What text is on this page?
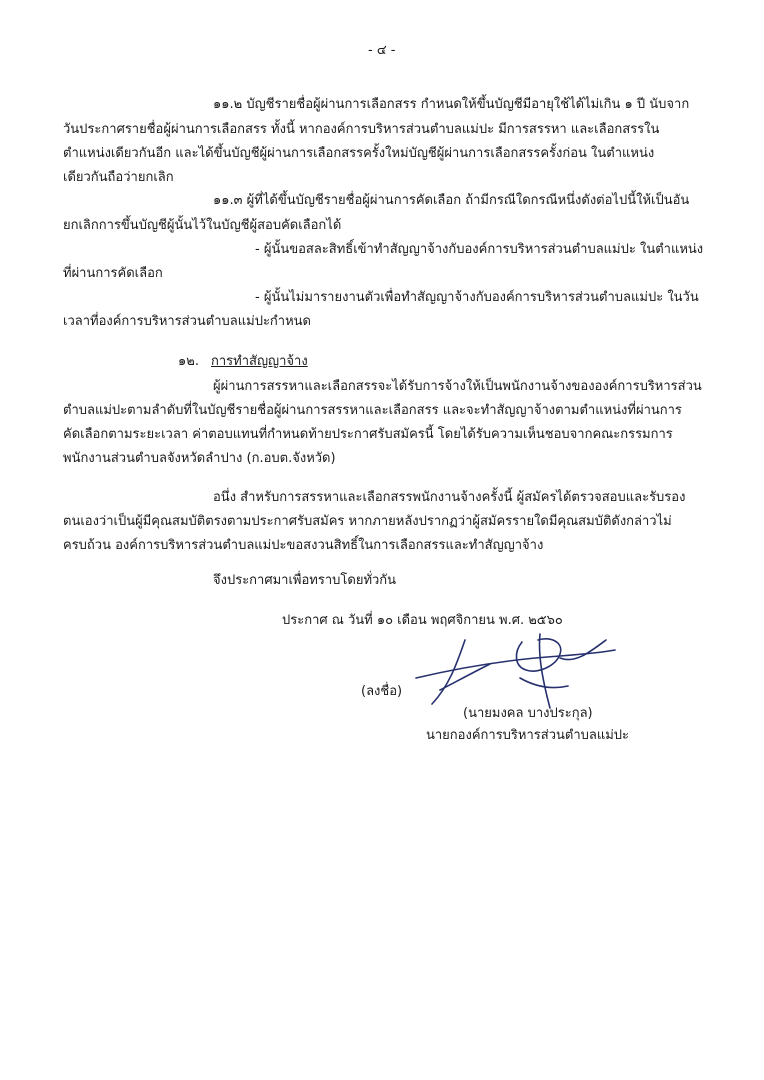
- ๔ -
๑๑.๒ บัญชีรายชื่อผู้ผ่านการเลือกสรร กำหนดให้ขึ้นบัญชีมีอายุใช้ได้ไม่เกิน ๑ ปี นับจาก
วันประกาศรายชื่อผู้ผ่านการเลือกสรร ทั้งนี้ หากองค์การบริหารส่วนตำบลแม่ปะ มีการสรรหา และเลือกสรรใน
ตำแหน่งเดียวกันอีก และได้ขึ้นบัญชีผู้ผ่านการเลือกสรรครั้งใหม่บัญชีผู้ผ่านการเลือกสรรครั้งก่อน ในตำแหน่ง
เดียวกันถือว่ายกเลิก
๑๑.๓ ผู้ที่ได้ขึ้นบัญชีรายชื่อผู้ผ่านการคัดเลือก ถ้ามีกรณีใดกรณีหนึ่งดังต่อไปนี้ให้เป็นอัน
ยกเลิกการขึ้นบัญชีผู้นั้นไว้ในบัญชีผู้สอบคัดเลือกได้
- ผู้นั้นขอสละสิทธิ์เข้าทำสัญญาจ้างกับองค์การบริหารส่วนตำบลแม่ปะ ในตำแหน่ง
ที่ผ่านการคัดเลือก
- ผู้นั้นไม่มารายงานตัวเพื่อทำสัญญาจ้างกับองค์การบริหารส่วนตำบลแม่ปะ ในวัน
เวลาที่องค์การบริหารส่วนตำบลแม่ปะกำหนด
๑๒. การทำสัญญาจ้าง
ผู้ผ่านการสรรหาและเลือกสรรจะได้รับการจ้างให้เป็นพนักงานจ้างขององค์การบริหารส่วน
ตำบลแม่ปะตามลำดับที่ในบัญชีรายชื่อผู้ผ่านการสรรหาและเลือกสรร และจะทำสัญญาจ้างตามตำแหน่งที่ผ่านการ
คัดเลือกตามระยะเวลา ค่าตอบแทนที่กำหนดท้ายประกาศรับสมัครนี้ โดยได้รับความเห็นชอบจากคณะกรรมการ
พนักงานส่วนตำบลจังหวัดลำปาง (ก.อบต.จังหวัด)
อนึ่ง สำหรับการสรรหาและเลือกสรรพนักงานจ้างครั้งนี้ ผู้สมัครได้ตรวจสอบและรับรอง
ตนเองว่าเป็นผู้มีคุณสมบัติตรงตามประกาศรับสมัคร หากภายหลังปรากฏว่าผู้สมัครรายใดมีคุณสมบัติดังกล่าวไม่
ครบถ้วน องค์การบริหารส่วนตำบลแม่ปะขอสงวนสิทธิ์ในการเลือกสรรและทำสัญญาจ้าง
จึงประกาศมาเพื่อทราบโดยทั่วกัน
ประกาศ ณ วันที่ ๑๐ เดือน พฤศจิกายน พ.ศ. ๒๕๖๐
(ลงชื่อ)
(นายมงคล บางประกุล)
นายกองค์การบริหารส่วนตำบลแม่ปะ
